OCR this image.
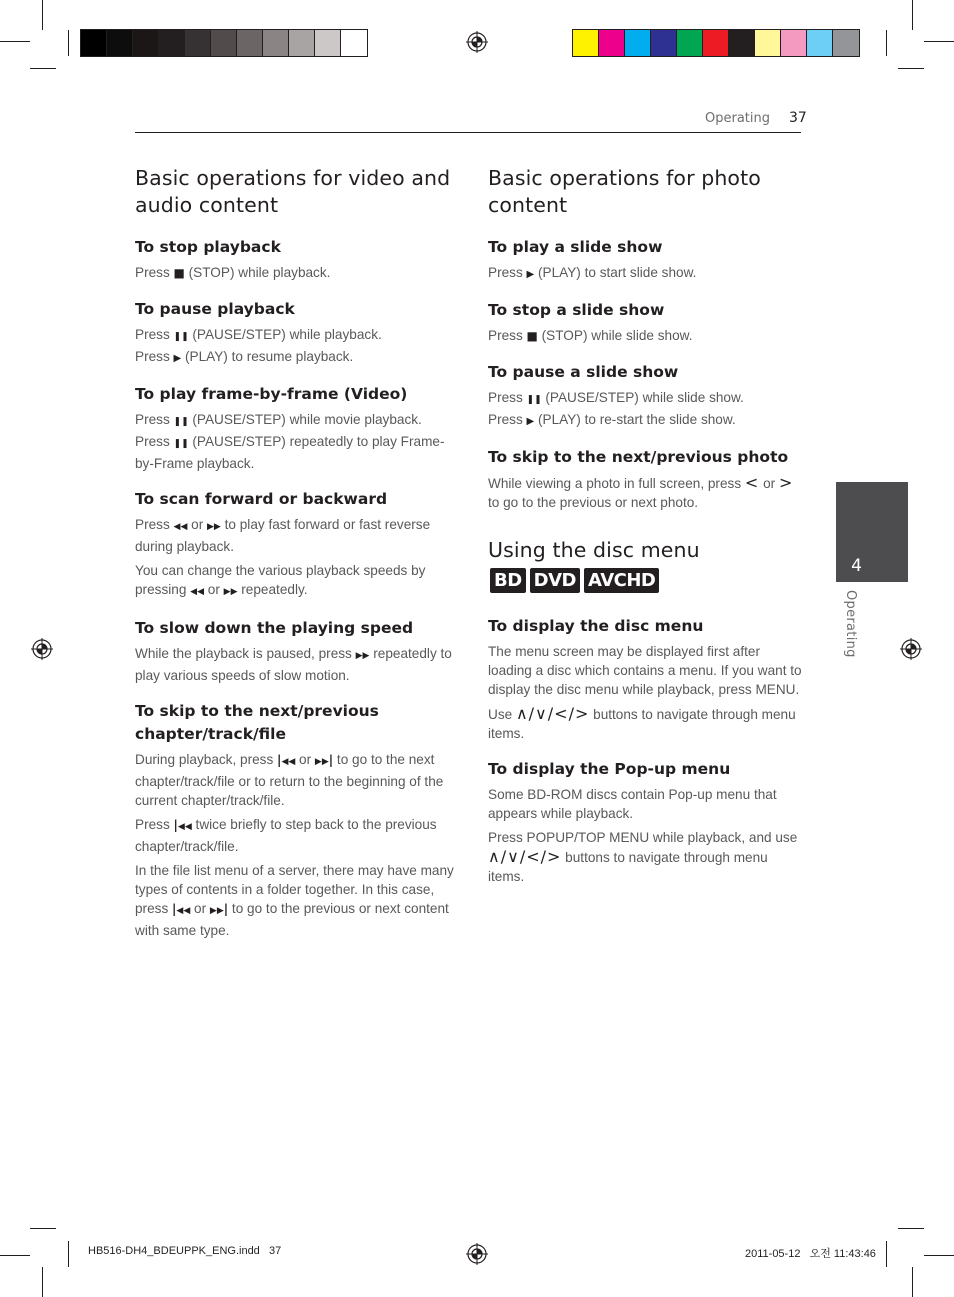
Operating 37
Basic operations for video and audio content
To stop playback

Press ■ (STOP) while playback.

To pause playback

Press ❚❚ (PAUSE/STEP) while playback.

Press ▶ (PLAY) to resume playback.

To play frame-by-frame (Video)

Press ❚❚ (PAUSE/STEP) while movie playback.

Press ❚❚ (PAUSE/STEP) repeatedly to play Frame-by-Frame playback.

To scan forward or backward

Press ◀◀ or ▶▶ to play fast forward or fast reverse during playback.

You can change the various playback speeds by pressing ◀◀ or ▶▶ repeatedly.

To slow down the playing speed

While the playback is paused, press ▶▶ repeatedly to play various speeds of slow motion.

To skip to the next/previous chapter/track/file

During playback, press |◀◀ or ▶▶| to go to the next chapter/track/file or to return to the beginning of the current chapter/track/file.

Press |◀◀ twice briefly to step back to the previous chapter/track/file.

In the file list menu of a server, there may have many types of contents in a folder together. In this case, press |◀◀ or ▶▶| to go to the previous or next content with same type.

Basic operations for photo content
To play a slide show

Press ▶ (PLAY) to start slide show.

To stop a slide show

Press ■ (STOP) while slide show.

To pause a slide show

Press ❚❚ (PAUSE/STEP) while slide show.

Press ▶ (PLAY) to re-start the slide show.

To skip to the next/previous photo

While viewing a photo in full screen, press < or > to go to the previous or next photo.

Using the disc menu
BD DVD AVCHD
To display the disc menu

The menu screen may be displayed first after loading a disc which contains a menu. If you want to display the disc menu while playback, press MENU.

Use ∧/∨/</> buttons to navigate through menu items.

To display the Pop-up menu

Some BD-ROM discs contain Pop-up menu that appears while playback.

Press POPUP/TOP MENU while playback, and use ∧/∨/</> buttons to navigate through menu items.

4
Operating
HB516-DH4_BDEUPPK_ENG.indd   37	2011-05-12   오전 11:43:46
